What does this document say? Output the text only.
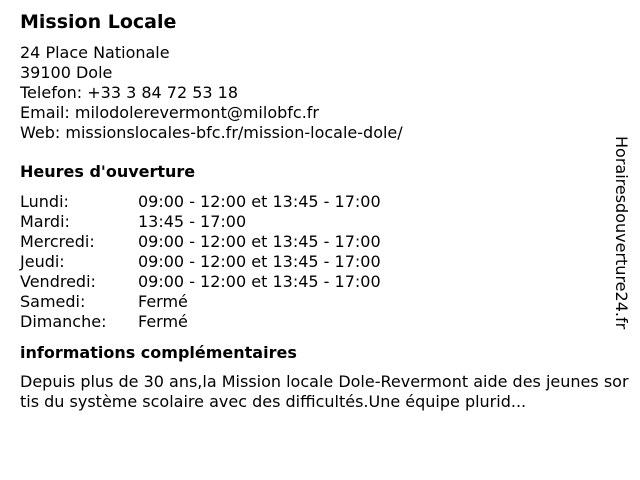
Mission Locale
24 Place Nationale
39100 Dole
Telefon: +33 3 84 72 53 18
Email: milodolerevermont@milobfc.fr
Web: missionslocales-bfc.fr/mission-locale-dole/
Heures d'ouverture
Lundi:	09:00 - 12:00 et 13:45 - 17:00
Mardi:	13:45 - 17:00
Mercredi:	09:00 - 12:00 et 13:45 - 17:00
Jeudi:	09:00 - 12:00 et 13:45 - 17:00
Vendredi:	09:00 - 12:00 et 13:45 - 17:00
Samedi:	Fermé
Dimanche:	Fermé
informations complémentaires
Depuis plus de 30 ans,la Mission locale Dole-Revermont aide des jeunes sortis du système scolaire avec des difficultés.Une équipe plurid...
Horairesdouverture24.fr
